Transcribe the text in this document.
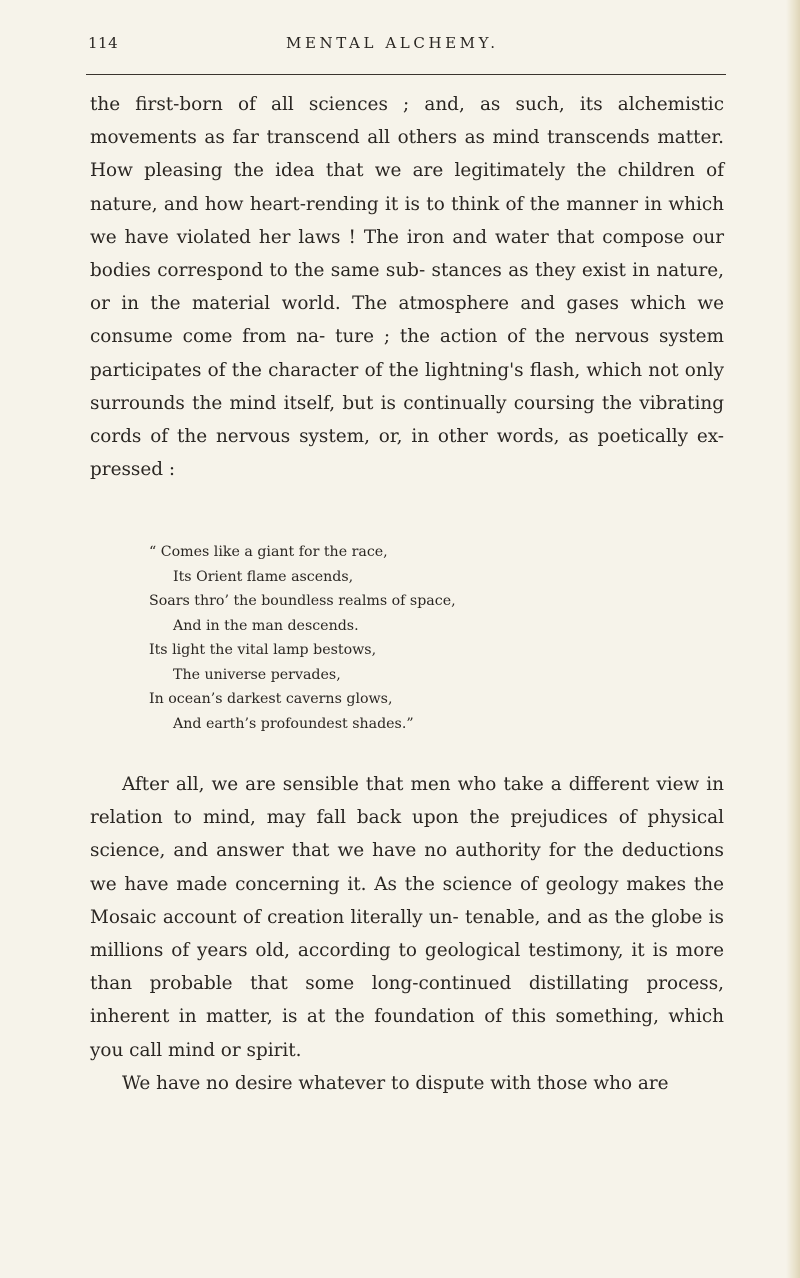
114	MENTAL ALCHEMY.

the first-born of all sciences ; and, as such, its alchemistic movements as far transcend all others as mind transcends matter. How pleasing the idea that we are legitimately the children of nature, and how heart-rending it is to think of the manner in which we have violated her laws ! The iron and water that compose our bodies correspond to the same sub- stances as they exist in nature, or in the material world. The atmosphere and gases which we consume come from na- ture ; the action of the nervous system participates of the character of the lightning's flash, which not only surrounds the mind itself, but is continually coursing the vibrating cords of the nervous system, or, in other words, as poetically ex- pressed :

“ Comes like a giant for the race,
Its Orient flame ascends,
Soars thro’ the boundless realms of space,
And in the man descends.
Its light the vital lamp bestows,
The universe pervades,
In ocean’s darkest caverns glows,
And earth’s profoundest shades.”

After all, we are sensible that men who take a different view in relation to mind, may fall back upon the prejudices of physical science, and answer that we have no authority for the deductions we have made concerning it. As the science of geology makes the Mosaic account of creation literally un- tenable, and as the globe is millions of years old, according to geological testimony, it is more than probable that some long-continued distillating process, inherent in matter, is at the foundation of this something, which you call mind or spirit.

We have no desire whatever to dispute with those who are
